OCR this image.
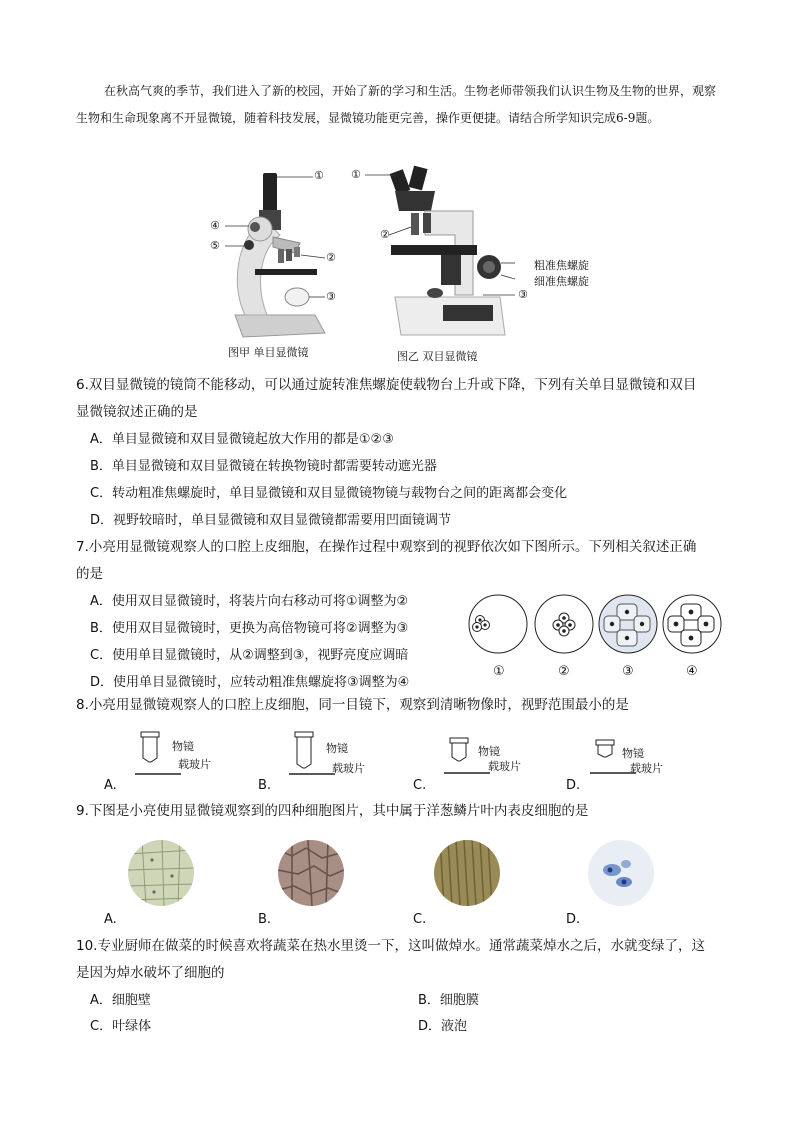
在秋高气爽的季节，我们进入了新的校园，开始了新的学习和生活。生物老师带领我们认识生物及生物的世界，观察生物和生命现象离不开显微镜，随着科技发展，显微镜功能更完善，操作更便捷。请结合所学知识完成6-9题。

①
②
③
④
⑤
图甲 单目显微镜
①
②
③
粗准焦螺旋
细准焦螺旋
图乙 双目显微镜
6.双目显微镜的镜筒不能移动，可以通过旋转准焦螺旋使载物台上升或下降，下列有关单目显微镜和双目
显微镜叙述正确的是
A．单目显微镜和双目显微镜起放大作用的都是①②③
B．单目显微镜和双目显微镜在转换物镜时都需要转动遮光器
C．转动粗准焦螺旋时，单目显微镜和双目显微镜物镜与载物台之间的距离都会变化
D．视野较暗时，单目显微镜和双目显微镜都需要用凹面镜调节
7.小亮用显微镜观察人的口腔上皮细胞，在操作过程中观察到的视野依次如下图所示。下列相关叙述正确
的是
A．使用双目显微镜时，将装片向右移动可将①调整为②
B．使用双目显微镜时，更换为高倍物镜可将②调整为③
C．使用单目显微镜时，从②调整到③，视野亮度应调暗
D．使用单目显微镜时，应转动粗准焦螺旋将③调整为④
①	②	③	④
8.小亮用显微镜观察人的口腔上皮细胞，同一目镜下，观察到清晰物像时，视野范围最小的是
物镜
载玻片
物镜
载玻片
物镜
载玻片
物镜
载玻片
A.	B.	C.	D.
9.下图是小亮使用显微镜观察到的四种细胞图片，其中属于洋葱鳞片叶内表皮细胞的是
A.	B.	C.	D.
10.专业厨师在做菜的时候喜欢将蔬菜在热水里烫一下，这叫做焯水。通常蔬菜焯水之后，水就变绿了，这
是因为焯水破坏了细胞的
A．细胞壁	B．细胞膜
C．叶绿体	D．液泡
